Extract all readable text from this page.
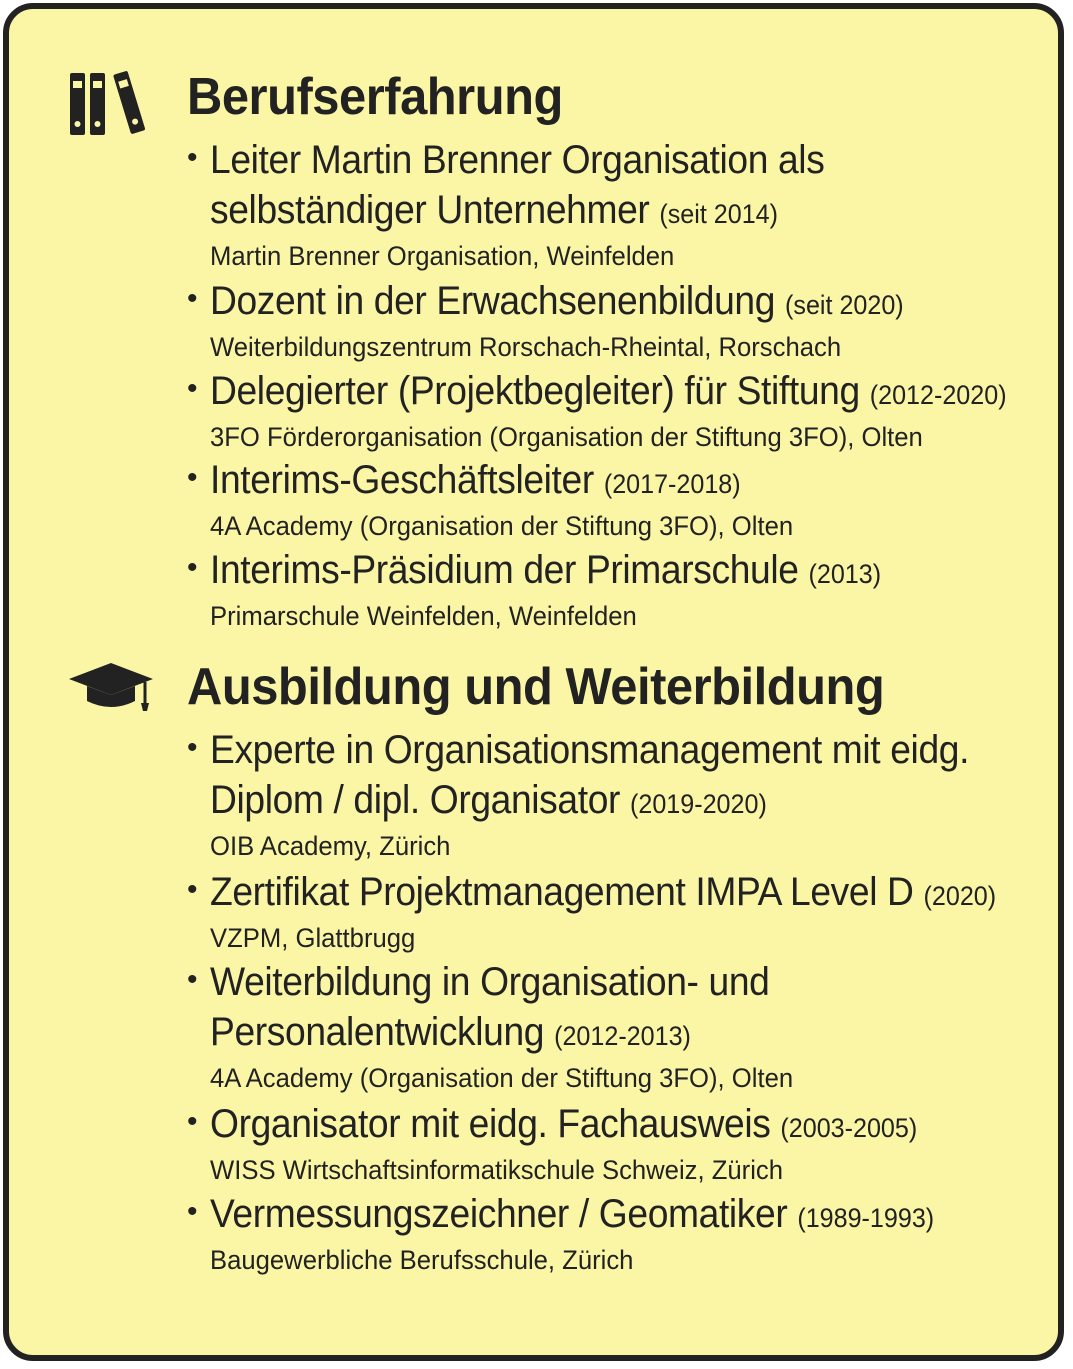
Berufserfahrung
• Leiter Martin Brenner Organisation als selbständiger Unternehmer (seit 2014)
Martin Brenner Organisation, Weinfelden
• Dozent in der Erwachsenenbildung (seit 2020)
Weiterbildungszentrum Rorschach-Rheintal, Rorschach
• Delegierter (Projektbegleiter) für Stiftung (2012-2020)
3FO Förderorganisation (Organisation der Stiftung 3FO), Olten
• Interims-Geschäftsleiter (2017-2018)
4A Academy (Organisation der Stiftung 3FO), Olten
• Interims-Präsidium der Primarschule (2013)
Primarschule Weinfelden, Weinfelden
Ausbildung und Weiterbildung
• Experte in Organisationsmanagement mit eidg. Diplom / dipl. Organisator (2019-2020)
OIB Academy, Zürich
• Zertifikat Projektmanagement IMPA Level D (2020)
VZPM, Glattbrugg
• Weiterbildung in Organisation- und Personalentwicklung (2012-2013)
4A Academy (Organisation der Stiftung 3FO), Olten
• Organisator mit eidg. Fachausweis (2003-2005)
WISS Wirtschaftsinformatikschule Schweiz, Zürich
• Vermessungszeichner / Geomatiker (1989-1993)
Baugewerbliche Berufsschule, Zürich
